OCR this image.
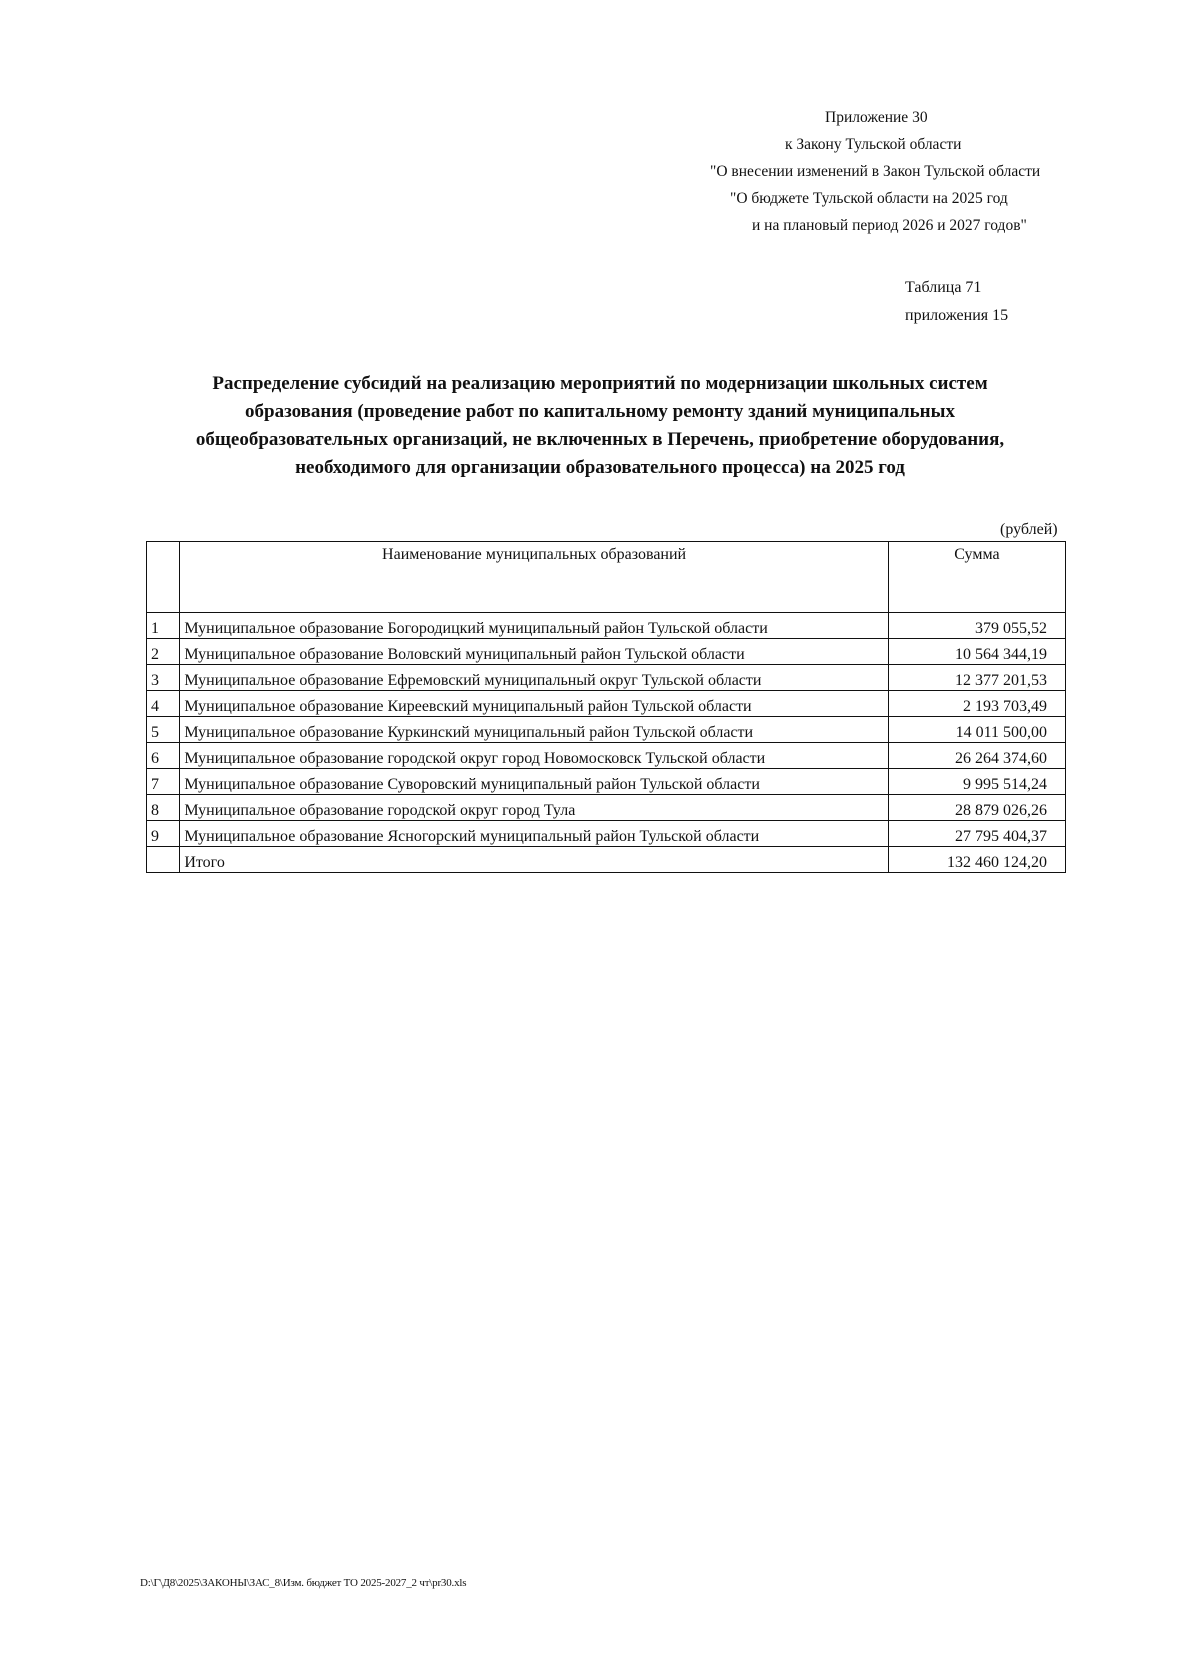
Приложение 30
к Закону Тульской области
"О внесении изменений в Закон Тульской области
"О бюджете Тульской области на 2025 год
и на плановый период 2026 и 2027 годов"
Таблица 71
приложения 15
Распределение субсидий на реализацию мероприятий по модернизации школьных систем
образования (проведение работ по капитальному ремонту зданий муниципальных
общеобразовательных организаций, не включенных в Перечень, приобретение оборудования,
необходимого для организации образовательного процесса) на 2025 год
(рублей)
	Наименование муниципальных образований	Сумма
1	Муниципальное образование Богородицкий муниципальный район Тульской области	379 055,52
2	Муниципальное образование Воловский муниципальный район Тульской области	10 564 344,19
3	Муниципальное образование Ефремовский муниципальный округ Тульской области	12 377 201,53
4	Муниципальное образование Киреевский муниципальный район Тульской области	2 193 703,49
5	Муниципальное образование Куркинский муниципальный район Тульской области	14 011 500,00
6	Муниципальное образование городской округ город Новомосковск Тульской области	26 264 374,60
7	Муниципальное образование Суворовский муниципальный район Тульской области	9 995 514,24
8	Муниципальное образование городской округ город Тула	28 879 026,26
9	Муниципальное образование Ясногорский муниципальный район Тульской области	27 795 404,37
	Итого	132 460 124,20
D:\Г\Д8\2025\ЗАКОНЫ\ЗАС_8\Изм. бюджет ТО 2025-2027_2 чт\pr30.xls
